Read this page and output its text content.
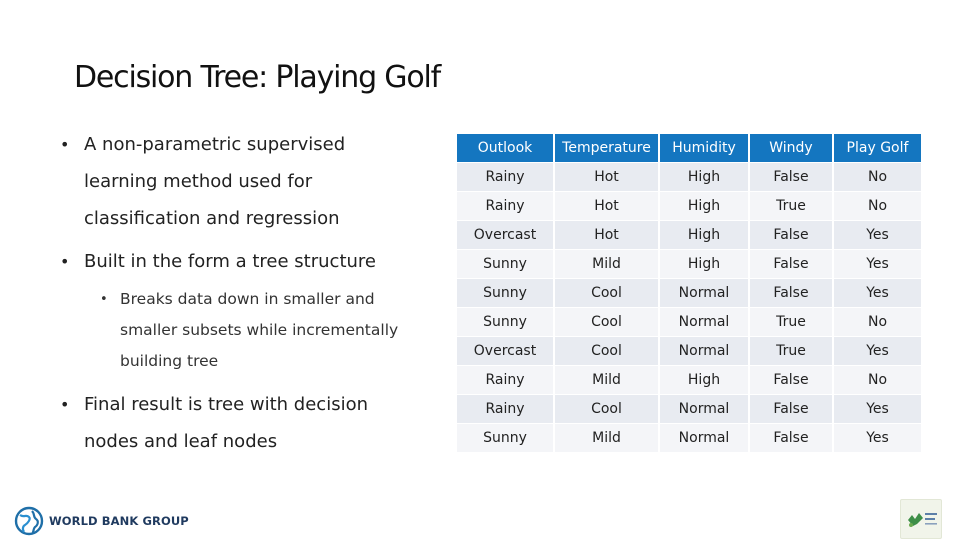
Decision Tree: Playing Golf
• A non-parametric supervised
learning method used for
classification and regression
• Built in the form a tree structure
• Breaks data down in smaller and
smaller subsets while incrementally
building tree
• Final result is tree with decision
nodes and leaf nodes
Outlook	Temperature	Humidity	Windy	Play Golf
Rainy	Hot	High	False	No
Rainy	Hot	High	True	No
Overcast	Hot	High	False	Yes
Sunny	Mild	High	False	Yes
Sunny	Cool	Normal	False	Yes
Sunny	Cool	Normal	True	No
Overcast	Cool	Normal	True	Yes
Rainy	Mild	High	False	No
Rainy	Cool	Normal	False	Yes
Sunny	Mild	Normal	False	Yes
WORLD BANK GROUP
